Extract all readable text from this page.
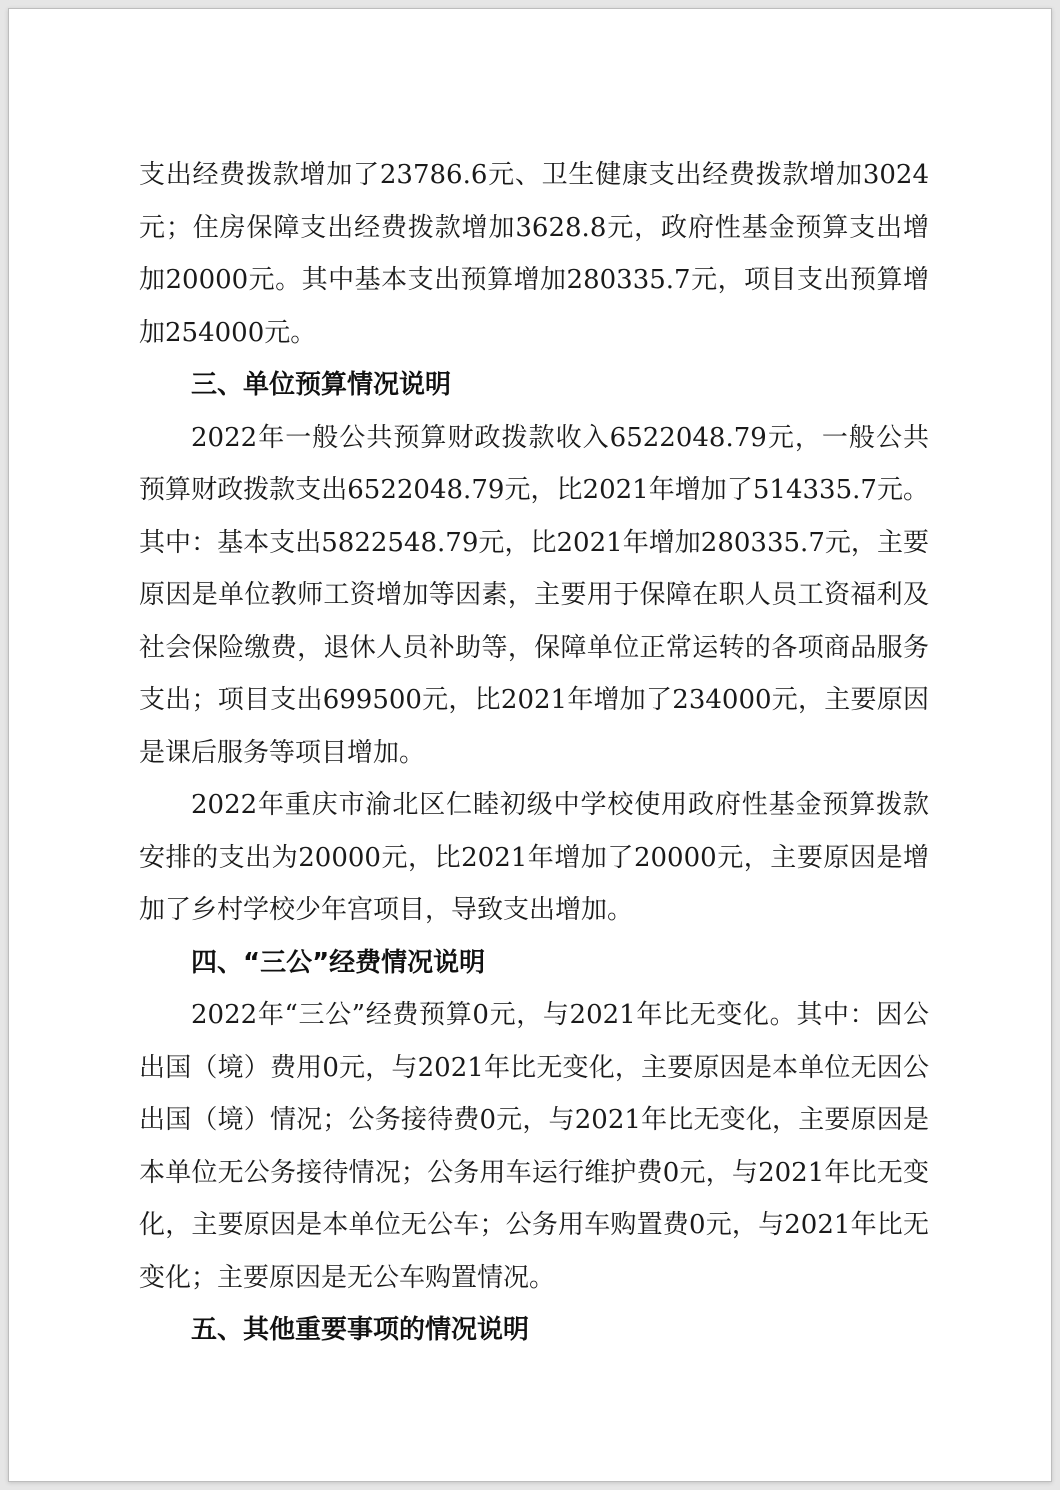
支出经费拨款增加了23786.6元、卫生健康支出经费拨款增加3024元；住房保障支出经费拨款增加3628.8元，政府性基金预算支出增加20000元。其中基本支出预算增加280335.7元，项目支出预算增加254000元。

三、单位预算情况说明

2022年一般公共预算财政拨款收入6522048.79元，一般公共预算财政拨款支出6522048.79元，比2021年增加了514335.7元。其中：基本支出5822548.79元，比2021年增加280335.7元，主要原因是单位教师工资增加等因素，主要用于保障在职人员工资福利及社会保险缴费，退休人员补助等，保障单位正常运转的各项商品服务支出；项目支出699500元，比2021年增加了234000元，主要原因是课后服务等项目增加。

2022年重庆市渝北区仁睦初级中学校使用政府性基金预算拨款安排的支出为20000元，比2021年增加了20000元，主要原因是增加了乡村学校少年宫项目，导致支出增加。

四、“三公”经费情况说明

2022年“三公”经费预算0元，与2021年比无变化。其中：因公出国（境）费用0元，与2021年比无变化，主要原因是本单位无因公出国（境）情况；公务接待费0元，与2021年比无变化，主要原因是本单位无公务接待情况；公务用车运行维护费0元，与2021年比无变化，主要原因是本单位无公车；公务用车购置费0元，与2021年比无变化；主要原因是无公车购置情况。

五、其他重要事项的情况说明
